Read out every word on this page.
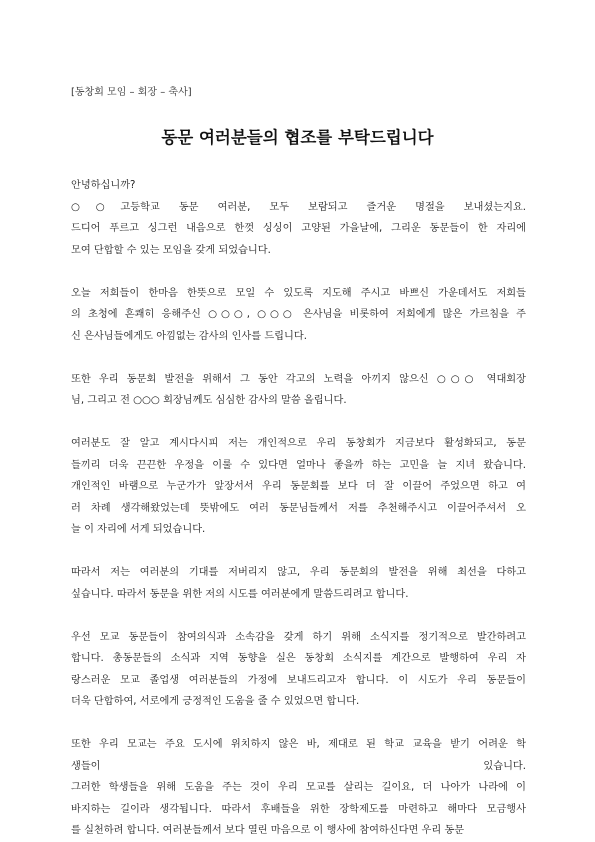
[동창회 모임 – 회장 – 축사]
동문 여러분들의 협조를 부탁드립니다
안녕하십니까?
○○고등학교 동문 여러분, 모두 보람되고 즐거운 명절을 보내셨는지요.
드디어 푸르고 싱그런 내음으로 한껏 싱싱이 고양된 가을날에, 그리운 동문들이 한 자리에
모여 단합할 수 있는 모임을 갖게 되었습니다.
오늘 저희들이 한마음 한뜻으로 모일 수 있도록 지도해 주시고 바쁘신 가운데서도 저희들
의 초청에 흔쾌히 응해주신 ○○○, ○○○ 은사님을 비롯하여 저희에게 많은 가르침을 주
신 은사님들에게도 아낌없는 감사의 인사를 드립니다.
또한 우리 동문회 발전을 위해서 그 동안 각고의 노력을 아끼지 않으신 ○○○ 역대회장
님, 그리고 전 ○○○ 회장님께도 심심한 감사의 말씀 올립니다.
여러분도 잘 알고 계시다시피 저는 개인적으로 우리 동창회가 지금보다 활성화되고, 동문
들끼리 더욱 끈끈한 우정을 이룰 수 있다면 얼마나 좋을까 하는 고민을 늘 지녀 왔습니다.
개인적인 바램으로 누군가가 앞장서서 우리 동문회를 보다 더 잘 이끌어 주었으면 하고 여
러 차례 생각해왔었는데 뜻밖에도 여러 동문님들께서 저를 추천해주시고 이끌어주셔서 오
늘 이 자리에 서게 되었습니다.
따라서 저는 여러분의 기대를 저버리지 않고, 우리 동문회의 발전을 위해 최선을 다하고
싶습니다. 따라서 동문을 위한 저의 시도를 여러분에게 말씀드리려고 합니다.
우선 모교 동문들이 참여의식과 소속감을 갖게 하기 위해 소식지를 정기적으로 발간하려고
합니다. 총동문들의 소식과 지역 동향을 실은 동창회 소식지를 계간으로 발행하여 우리 자
랑스러운 모교 졸업생 여러분들의 가정에 보내드리고자 합니다. 이 시도가 우리 동문들이
더욱 단합하여, 서로에게 긍정적인 도움을 줄 수 있었으면 합니다.
또한 우리 모교는 주요 도시에 위치하지 않은 바, 제대로 된 학교 교육을 받기 어려운 학
생들이 있습니다.
그러한 학생들을 위해 도움을 주는 것이 우리 모교를 살리는 길이요, 더 나아가 나라에 이
바지하는 길이라 생각됩니다. 따라서 후배들을 위한 장학제도를 마련하고 해마다 모금행사
를 실천하려 합니다. 여러분들께서 보다 열린 마음으로 이 행사에 참여하신다면 우리 동문
